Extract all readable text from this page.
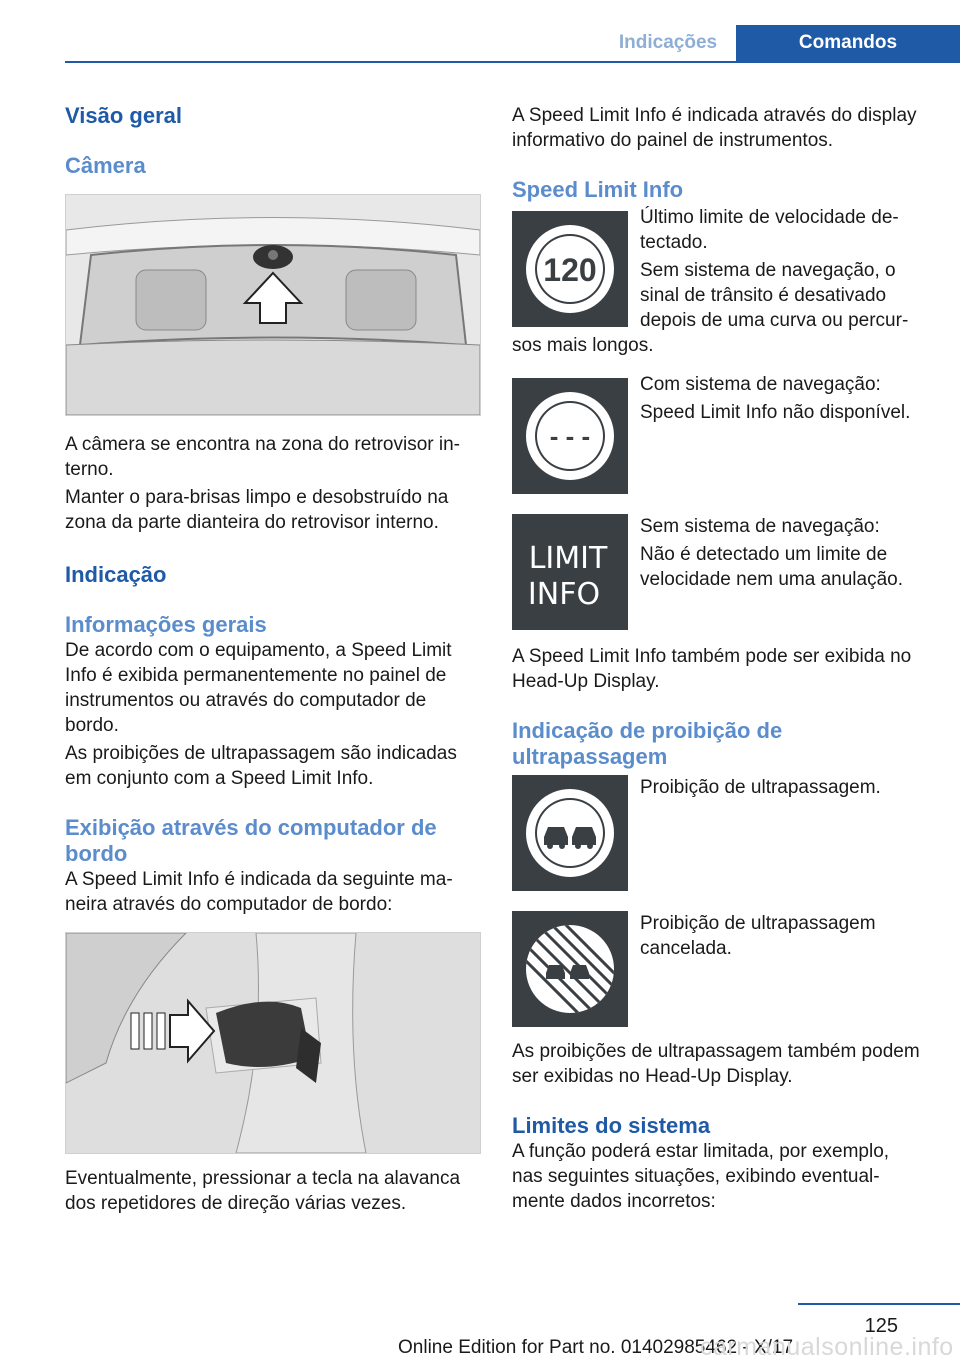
Indicações	Comandos
Visão geral
Câmera

A câmera se encontra na zona do retrovisor interno.

Manter o para-brisas limpo e desobstruído na zona da parte dianteira do retrovisor interno.

Indicação
Informações gerais

De acordo com o equipamento, a Speed Limit Info é exibida permanentemente no painel de instrumentos ou através do computador de bordo.

As proibições de ultrapassagem são indicadas em conjunto com a Speed Limit Info.

Exibição através do computador de bordo

A Speed Limit Info é indicada da seguinte maneira através do computador de bordo:

Eventualmente, pressionar a tecla na alavanca dos repetidores de direção várias vezes.

A Speed Limit Info é indicada através do display informativo do painel de instrumentos.

Speed Limit Info
120

Último limite de velocidade detectado.

Sem sistema de navegação, o sinal de trânsito é desativado depois de uma curva ou percursos mais longos.

- - -

Com sistema de navegação:

Speed Limit Info não disponível.

LIMIT
INFO

Sem sistema de navegação:

Não é detectado um limite de velocidade nem uma anulação.

A Speed Limit Info também pode ser exibida no Head-Up Display.

Indicação de proibição de ultrapassagem

Proibição de ultrapassagem.

Proibição de ultrapassagem cancelada.

As proibições de ultrapassagem também podem ser exibidas no Head-Up Display.

Limites do sistema

A função poderá estar limitada, por exemplo, nas seguintes situações, exibindo eventualmente dados incorretos:

125
Online Edition for Part no. 01402985462 - X/17
carmanualsonline.info
